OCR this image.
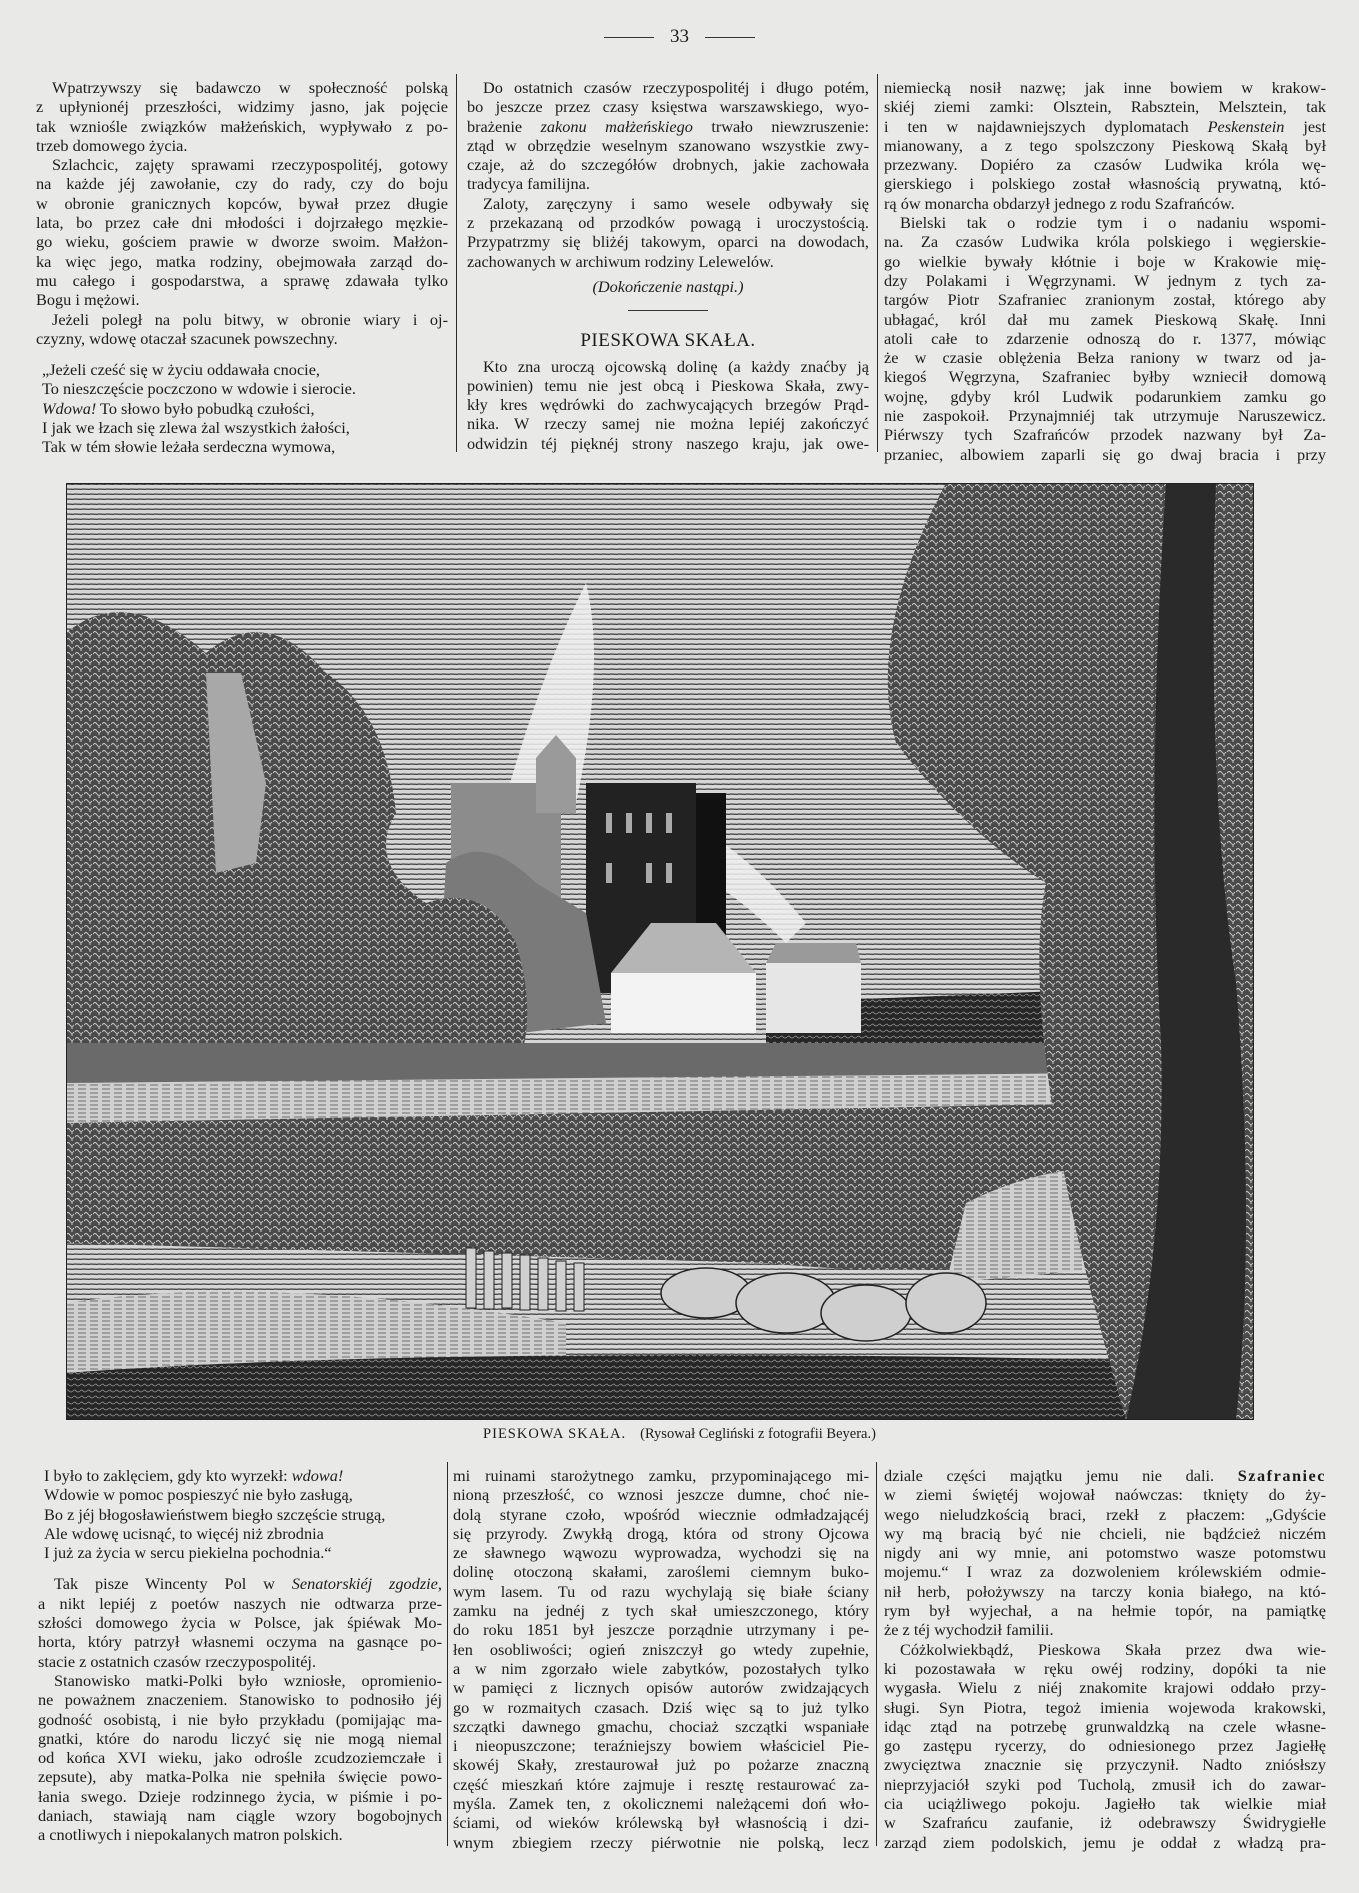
33
Wpatrzywszy się badawczo w społeczność polską
z upłynionéj przeszłości, widzimy jasno, jak pojęcie
tak wzniośle związków małżeńskich, wypływało z po-
trzeb domowego życia.
Szlachcic, zajęty sprawami rzeczypospolitéj, gotowy
na każde jéj zawołanie, czy do rady, czy do boju
w obronie granicznych kopców, bywał przez długie
lata, bo przez całe dni młodości i dojrzałego męzkie-
go wieku, gościem prawie w dworze swoim. Małżon-
ka więc jego, matka rodziny, obejmowała zarząd do-
mu całego i gospodarstwa, a sprawę zdawała tylko
Bogu i mężowi.
Jeżeli poległ na polu bitwy, w obronie wiary i oj-
czyzny, wdowę otaczał szacunek powszechny.
„Jeżeli cześć się w życiu oddawała cnocie,
To nieszczęście poczczono w wdowie i sierocie.
Wdowa! To słowo było pobudką czułości,
I jak we łzach się zlewa żal wszystkich żałości,
Tak w tém słowie leżała serdeczna wymowa,
Do ostatnich czasów rzeczypospolitéj i długo potém,
bo jeszcze przez czasy księstwa warszawskiego, wyo-
brażenie zakonu małżeńskiego trwało niewzruszenie:
ztąd w obrzędzie weselnym szanowano wszystkie zwy-
czaje, aż do szczegółów drobnych, jakie zachowała
tradycya familijna.
Zaloty, zaręczyny i samo wesele odbywały się
z przekazaną od przodków powagą i uroczystością.
Przypatrzmy się bliżéj takowym, oparci na dowodach,
zachowanych w archiwum rodziny Lelewelów.
(Dokończenie nastąpi.)
PIESKOWA SKAŁA.
Kto zna uroczą ojcowską dolinę (a każdy znaćby ją
powinien) temu nie jest obcą i Pieskowa Skała, zwy-
kły kres wędrówki do zachwycających brzegów Prąd-
nika. W rzeczy samej nie można lepiéj zakończyć
odwidzin téj pięknéj strony naszego kraju, jak owe-
niemiecką nosił nazwę; jak inne bowiem w krakow-
skiéj ziemi zamki: Olsztein, Rabsztein, Melsztein, tak
i ten w najdawniejszych dyplomatach Peskenstein jest
mianowany, a z tego spolszczony Pieskową Skałą był
przezwany. Dopiéro za czasów Ludwika króla wę-
gierskiego i polskiego został własnością prywatną, któ-
rą ów monarcha obdarzył jednego z rodu Szafrańców.
Bielski tak o rodzie tym i o nadaniu wspomi-
na. Za czasów Ludwika króla polskiego i węgierskie-
go wielkie bywały kłótnie i boje w Krakowie mię-
dzy Polakami i Węgrzynami. W jednym z tych za-
targów Piotr Szafraniec zranionym został, którego aby
ubłagać, król dał mu zamek Pieskową Skałę. Inni
atoli całe to zdarzenie odnoszą do r. 1377, mówiąc
że w czasie oblężenia Bełza raniony w twarz od ja-
kiegoś Węgrzyna, Szafraniec byłby wzniecił domową
wojnę, gdyby król Ludwik podarunkiem zamku go
nie zaspokoił. Przynajmniéj tak utrzymuje Naruszewicz.
Piérwszy tych Szafrańców przodek nazwany był Za-
przaniec, albowiem zaparli się go dwaj bracia i przy
PIESKOWA SKAŁA. (Rysował Cegliński z fotografii Beyera.)
I było to zaklęciem, gdy kto wyrzekł: wdowa!
Wdowie w pomoc pospieszyć nie było zasługą,
Bo z jéj błogosławieństwem biegło szczęście strugą,
Ale wdowę ucisnąć, to więcéj niż zbrodnia
I już za życia w sercu piekielna pochodnia.“
Tak pisze Wincenty Pol w Senatorskiéj zgodzie,
a nikt lepiéj z poetów naszych nie odtwarza prze-
szłości domowego życia w Polsce, jak śpiéwak Mo-
horta, który patrzył własnemi oczyma na gasnące po-
stacie z ostatnich czasów rzeczypospolitéj.
Stanowisko matki-Polki było wzniosłe, opromienio-
ne poważnem znaczeniem. Stanowisko to podnosiło jéj
godność osobistą, i nie było przykładu (pomijając ma-
gnatki, które do narodu liczyć się nie mogą niemal
od końca XVI wieku, jako odrośle zcudzoziemczałe i
zepsute), aby matka-Polka nie spełniła święcie powo-
łania swego. Dzieje rodzinnego życia, w piśmie i po-
daniach, stawiają nam ciągle wzory bogobojnych
a cnotliwych i niepokalanych matron polskich.
mi ruinami starożytnego zamku, przypominającego mi-
nioną przeszłość, co wznosi jeszcze dumne, choć nie-
dolą styrane czoło, wpośród wiecznie odmładzającéj
się przyrody. Zwykłą drogą, która od strony Ojcowa
ze sławnego wąwozu wyprowadza, wychodzi się na
dolinę otoczoną skałami, zaroślemi ciemnym buko-
wym lasem. Tu od razu wychylają się białe ściany
zamku na jednéj z tych skał umieszczonego, który
do roku 1851 był jeszcze porządnie utrzymany i pe-
łen osobliwości; ogień zniszczył go wtedy zupełnie,
a w nim zgorzało wiele zabytków, pozostałych tylko
w pamięci z licznych opisów autorów zwidzających
go w rozmaitych czasach. Dziś więc są to już tylko
szczątki dawnego gmachu, chociaż szczątki wspaniałe
i nieopuszczone; teraźniejszy bowiem właściciel Pie-
skowéj Skały, zrestaurował już po pożarze znaczną
część mieszkań które zajmuje i resztę restaurować za-
myśla. Zamek ten, z okolicznemi należącemi doń wło-
ściami, od wieków królewską był własnością i dzi-
wnym zbiegiem rzeczy piérwotnie nie polską, lecz
dziale części majątku jemu nie dali. Szafraniec
w ziemi świętéj wojował naówczas: tknięty do ży-
wego nieludzkością braci, rzekł z płaczem: „Gdyście
wy mą bracią być nie chcieli, nie bądźcież niczém
nigdy ani wy mnie, ani potomstwo wasze potomstwu
mojemu.“ I wraz za dozwoleniem królewskiém odmie-
nił herb, położywszy na tarczy konia białego, na któ-
rym był wyjechał, a na hełmie topór, na pamiątkę
że z téj wychodził familii.
Cóżkolwiekbądź, Pieskowa Skała przez dwa wie-
ki pozostawała w ręku owéj rodziny, dopóki ta nie
wygasła. Wielu z niéj znakomite krajowi oddało przy-
sługi. Syn Piotra, tegoż imienia wojewoda krakowski,
idąc ztąd na potrzebę grunwaldzką na czele własne-
go zastępu rycerzy, do odniesionego przez Jagiełłę
zwycięztwa znacznie się przyczynił. Nadto zniósłszy
nieprzyjaciół szyki pod Tucholą, zmusił ich do zawar-
cia uciążliwego pokoju. Jagiełło tak wielkie miał
w Szafrańcu zaufanie, iż odebrawszy Świdrygiełle
zarząd ziem podolskich, jemu je oddał z władzą pra-
